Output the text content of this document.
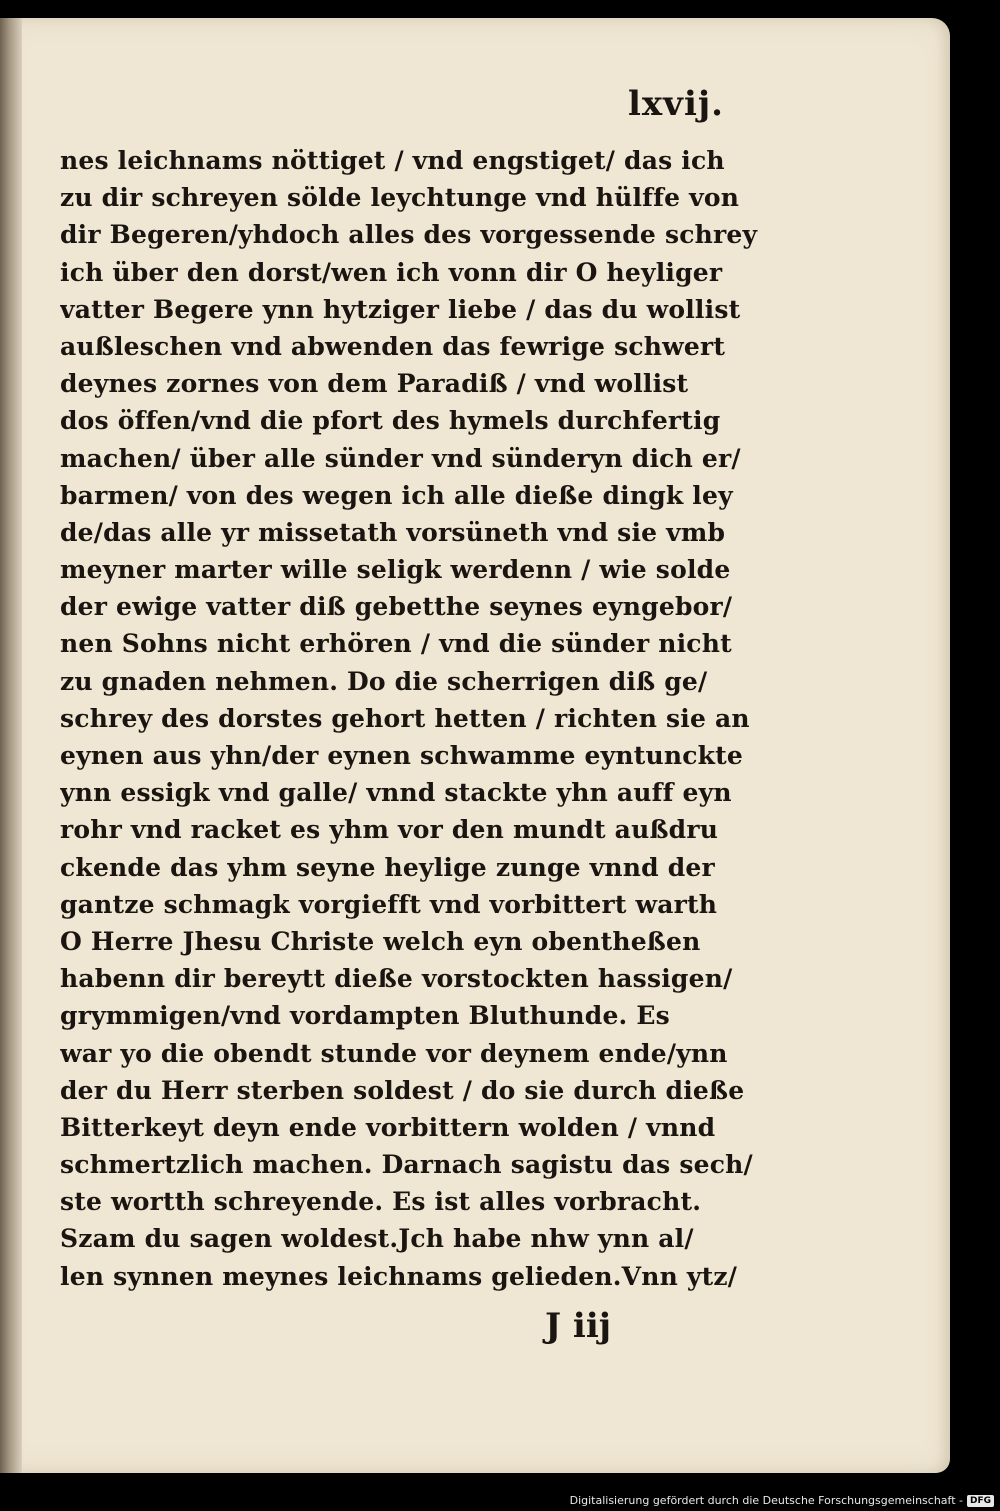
lxvij.
nes leichnams nöttiget / vnd engstiget/ das ich
zu dir schreyen sölde leychtunge vnd hülffe von
dir Begeren/yhdoch alles des vorgessende schrey
ich über den dorst/wen ich vonn dir O heyliger
vatter Begere ynn hytziger liebe / das du wollist
außleschen vnd abwenden das fewrige schwert
deynes zornes von dem Paradiß / vnd wollist
dos öffen/vnd die pfort des hymels durchfertig
machen/ über alle sünder vnd sünderyn dich er/
barmen/ von des wegen ich alle dieße dingk ley
de/das alle yr missetath vorsüneth vnd sie vmb
meyner marter wille seligk werdenn / wie solde
der ewige vatter diß gebetthe seynes eyngebor/
nen Sohns nicht erhören / vnd die sünder nicht
zu gnaden nehmen. Do die scherrigen diß ge/
schrey des dorstes gehort hetten / richten sie an
eynen aus yhn/der eynen schwamme eyntunckte
ynn essigk vnd galle/ vnnd stackte yhn auff eyn
rohr vnd racket es yhm vor den mundt außdru
ckende das yhm seyne heylige zunge vnnd der
gantze schmagk vorgiefft vnd vorbittert warth
O Herre Jhesu Christe welch eyn obentheßen
habenn dir bereytt dieße vorstockten hassigen/
grymmigen/vnd vordampten Bluthunde. Es
war yo die obendt stunde vor deynem ende/ynn
der du Herr sterben soldest / do sie durch dieße
Bitterkeyt deyn ende vorbittern wolden / vnnd
schmertzlich machen. Darnach sagistu das sech/
ste wortth schreyende. Es ist alles vorbracht.
Szam du sagen woldest.Jch habe nhw ynn al/
len synnen meynes leichnams gelieden.Vnn ytz/
J iij
Digitalisierung gefördert durch die Deutsche Forschungsgemeinschaft - DFG
